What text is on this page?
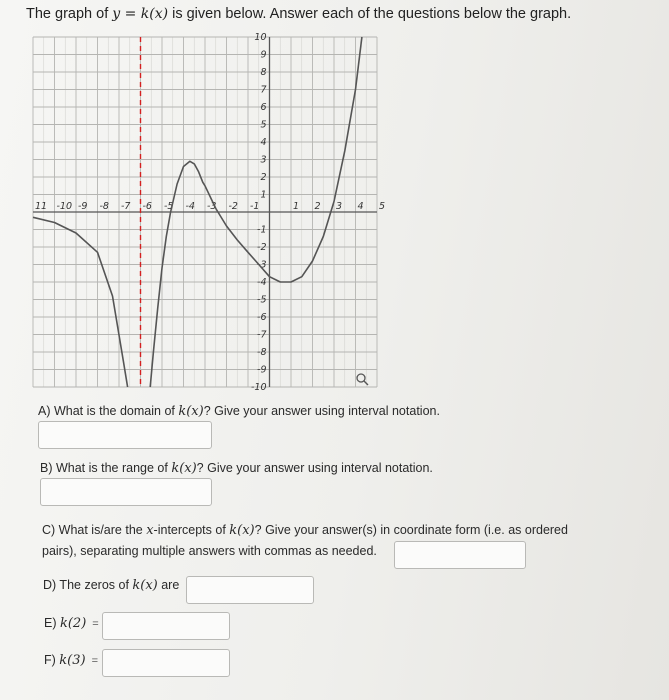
The graph of y = k(x) is given below. Answer each of the questions below the graph.
11 -10 -9 -8 -7 -6 -5 -4 -3 -2 -1	1 2 3 4 5
10
9
8
7
6
5
4
3
2
1
-1
-2
-3
-4
-5
-6
-7
-8
-9
-10
A) What is the domain of k(x)? Give your answer using interval notation.
B) What is the range of k(x)? Give your answer using interval notation.
C) What is/are the x-intercepts of k(x)? Give your answer(s) in coordinate form (i.e. as ordered
pairs), separating multiple answers with commas as needed.
D) The zeros of k(x) are
E) k(2) =
F) k(3) =
